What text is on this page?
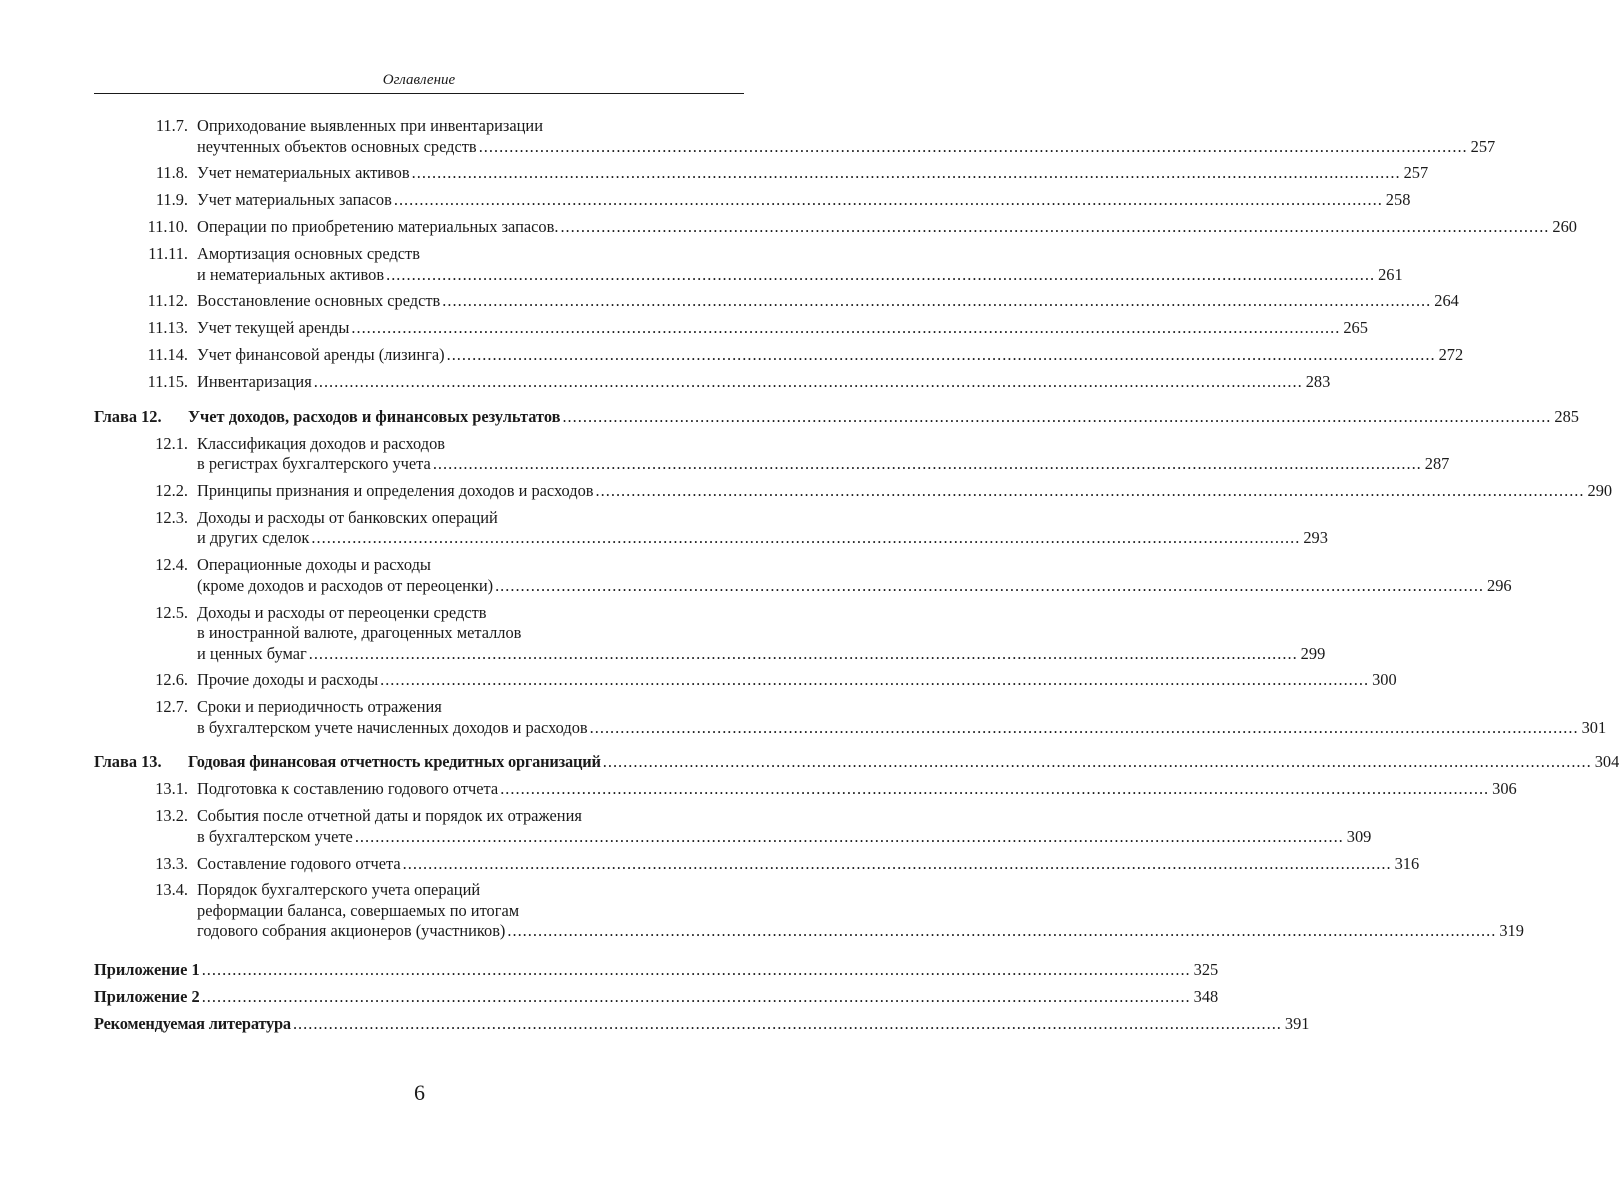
Оглавление
11.7. Оприходование выявленных при инвентаризации
неучтенных объектов основных средств .....	257
11.8. Учет нематериальных активов .....	257
11.9. Учет материальных запасов .....	258
11.10. Операции по приобретению материальных запасов. .....	260
11.11. Амортизация основных средств
и нематериальных активов .....	261
11.12. Восстановление основных средств .....	264
11.13. Учет текущей аренды .....	265
11.14. Учет финансовой аренды (лизинга) .....	272
11.15. Инвентаризация .....	283
Глава 12.	Учет доходов, расходов и финансовых результатов .....	285
12.1. Классификация доходов и расходов
в регистрах бухгалтерского учета .....	287
12.2. Принципы признания и определения доходов и расходов .....	290
12.3. Доходы и расходы от банковских операций
и других сделок .....	293
12.4. Операционные доходы и расходы
(кроме доходов и расходов от переоценки) .....	296
12.5. Доходы и расходы от переоценки средств
в иностранной валюте, драгоценных металлов
и ценных бумаг .....	299
12.6. Прочие доходы и расходы .....	300
12.7. Сроки и периодичность отражения
в бухгалтерском учете начисленных доходов и расходов .....	301
Глава 13.	Годовая финансовая отчетность кредитных организаций .....	304
13.1. Подготовка к составлению годового отчета .....	306
13.2. События после отчетной даты и порядок их отражения
в бухгалтерском учете .....	309
13.3. Составление годового отчета .....	316
13.4. Порядок бухгалтерского учета операций
реформации баланса, совершаемых по итогам
годового собрания акционеров (участников) .....	319
Приложение 1 .....	325
Приложение 2 .....	348
Рекомендуемая литература .....	391
6
